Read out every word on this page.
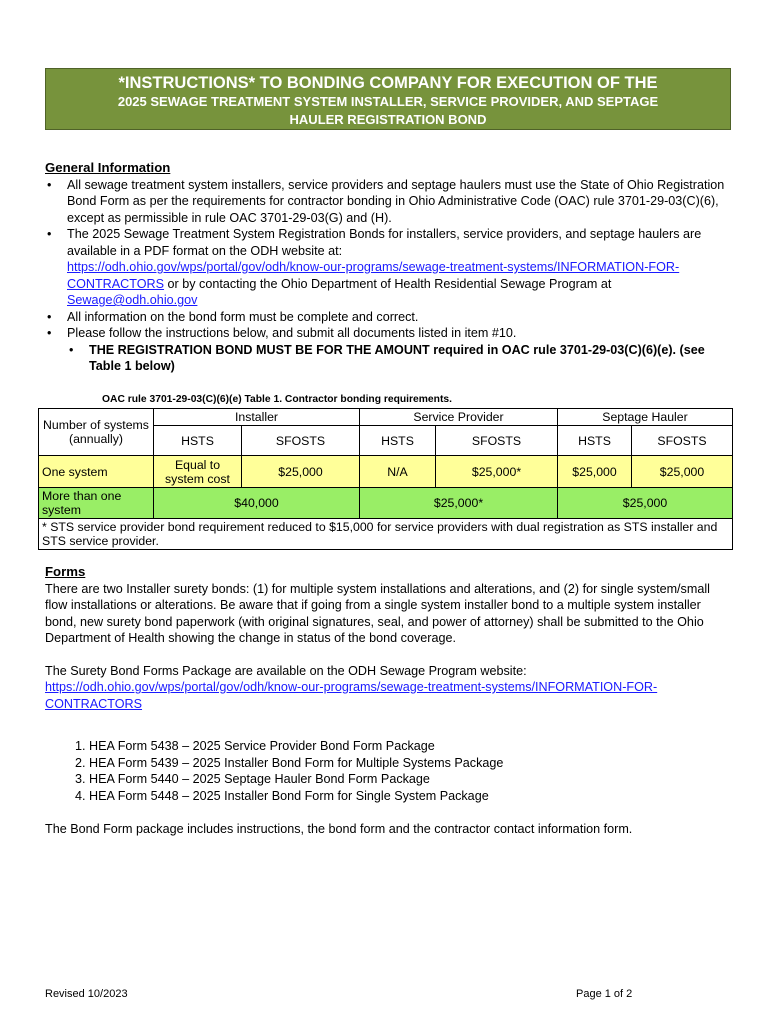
*INSTRUCTIONS* TO BONDING COMPANY FOR EXECUTION OF THE
2025 SEWAGE TREATMENT SYSTEM INSTALLER, SERVICE PROVIDER, AND SEPTAGE
HAULER REGISTRATION BOND
General Information
• All sewage treatment system installers, service providers and septage haulers must use the State of Ohio Registration Bond Form as per the requirements for contractor bonding in Ohio Administrative Code (OAC) rule 3701-29-03(C)(6), except as permissible in rule OAC 3701-29-03(G) and (H).
• The 2025 Sewage Treatment System Registration Bonds for installers, service providers, and septage haulers are available in a PDF format on the ODH website at:
https://odh.ohio.gov/wps/portal/gov/odh/know-our-programs/sewage-treatment-systems/INFORMATION-FOR-CONTRACTORS or by contacting the Ohio Department of Health Residential Sewage Program at Sewage@odh.ohio.gov
• All information on the bond form must be complete and correct.
• Please follow the instructions below, and submit all documents listed in item #10.
• THE REGISTRATION BOND MUST BE FOR THE AMOUNT required in OAC rule 3701-29-03(C)(6)(e). (see Table 1 below)
OAC rule 3701-29-03(C)(6)(e) Table 1. Contractor bonding requirements.
Number of systems (annually)	Installer		Service Provider		Septage Hauler	
	HSTS	SFOSTS	HSTS	SFOSTS	HSTS	SFOSTS
One system	Equal to system cost	$25,000	N/A	$25,000*	$25,000	$25,000
More than one system	$40,000		$25,000*		$25,000	
* STS service provider bond requirement reduced to $15,000 for service providers with dual registration as STS installer and STS service provider.						
Forms
There are two Installer surety bonds: (1) for multiple system installations and alterations, and (2) for single system/small flow installations or alterations. Be aware that if going from a single system installer bond to a multiple system installer bond, new surety bond paperwork (with original signatures, seal, and power of attorney) shall be submitted to the Ohio Department of Health showing the change in status of the bond coverage.
The Surety Bond Forms Package are available on the ODH Sewage Program website:
https://odh.ohio.gov/wps/portal/gov/odh/know-our-programs/sewage-treatment-systems/INFORMATION-FOR-CONTRACTORS
1. HEA Form 5438 – 2025 Service Provider Bond Form Package
2. HEA Form 5439 – 2025 Installer Bond Form for Multiple Systems Package
3. HEA Form 5440 – 2025 Septage Hauler Bond Form Package
4. HEA Form 5448 – 2025 Installer Bond Form for Single System Package
The Bond Form package includes instructions, the bond form and the contractor contact information form.
Revised 10/2023	Page 1 of 2
